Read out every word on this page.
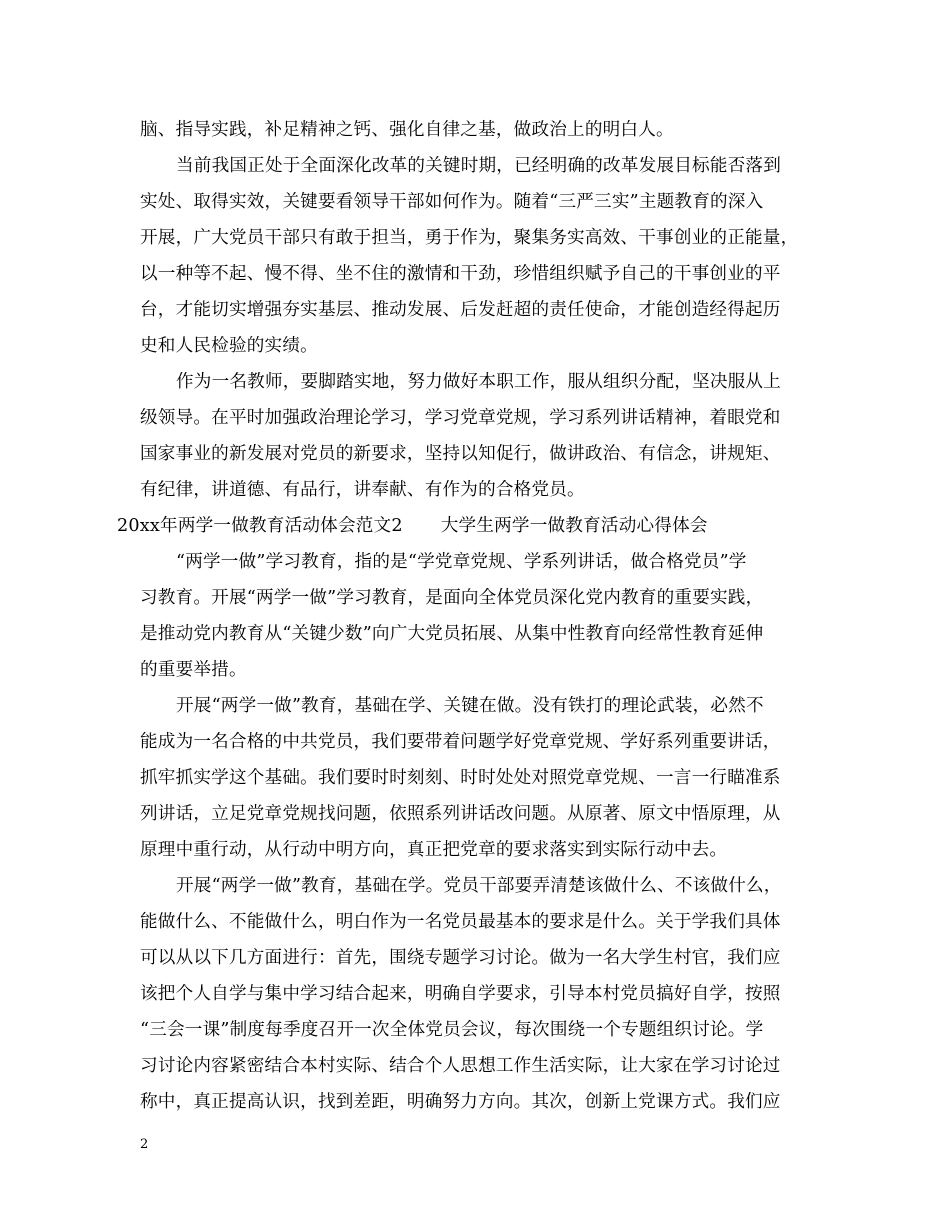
脑、指导实践，补足精神之钙、强化自律之基，做政治上的明白人。
当前我国正处于全面深化改革的关键时期，已经明确的改革发展目标能否落到
实处、取得实效，关键要看领导干部如何作为。随着“三严三实”主题教育的深入
开展，广大党员干部只有敢于担当，勇于作为，聚集务实高效、干事创业的正能量，
以一种等不起、慢不得、坐不住的激情和干劲，珍惜组织赋予自己的干事创业的平
台，才能切实增强夯实基层、推动发展、后发赶超的责任使命，才能创造经得起历
史和人民检验的实绩。
作为一名教师，要脚踏实地，努力做好本职工作，服从组织分配，坚决服从上
级领导。在平时加强政治理论学习，学习党章党规，学习系列讲话精神，着眼党和
国家事业的新发展对党员的新要求，坚持以知促行，做讲政治、有信念，讲规矩、
有纪律，讲道德、有品行，讲奉献、有作为的合格党员。
20xx年两学一做教育活动体会范文2 大学生两学一做教育活动心得体会
“两学一做”学习教育，指的是“学党章党规、学系列讲话，做合格党员”学
习教育。开展“两学一做”学习教育，是面向全体党员深化党内教育的重要实践，
是推动党内教育从“关键少数”向广大党员拓展、从集中性教育向经常性教育延伸
的重要举措。
开展“两学一做”教育，基础在学、关键在做。没有铁打的理论武装，必然不
能成为一名合格的中共党员，我们要带着问题学好党章党规、学好系列重要讲话，
抓牢抓实学这个基础。我们要时时刻刻、时时处处对照党章党规、一言一行瞄准系
列讲话，立足党章党规找问题，依照系列讲话改问题。从原著、原文中悟原理，从
原理中重行动，从行动中明方向，真正把党章的要求落实到实际行动中去。
开展“两学一做”教育，基础在学。党员干部要弄清楚该做什么、不该做什么，
能做什么、不能做什么，明白作为一名党员最基本的要求是什么。关于学我们具体
可以从以下几方面进行：首先，围绕专题学习讨论。做为一名大学生村官，我们应
该把个人自学与集中学习结合起来，明确自学要求，引导本村党员搞好自学，按照
“三会一课”制度每季度召开一次全体党员会议，每次围绕一个专题组织讨论。学
习讨论内容紧密结合本村实际、结合个人思想工作生活实际，让大家在学习讨论过
称中，真正提高认识，找到差距，明确努力方向。其次，创新上党课方式。我们应
2
